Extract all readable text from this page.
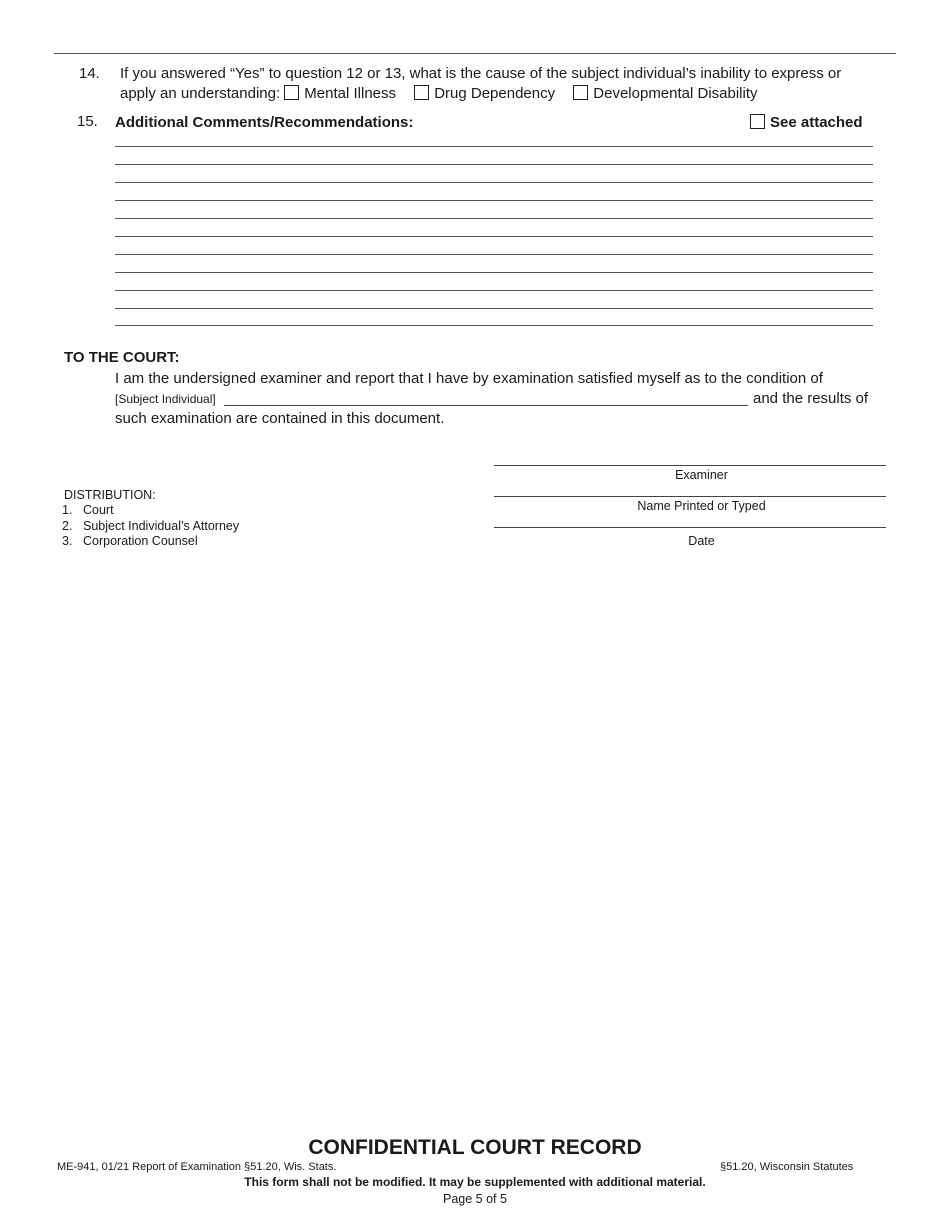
14. If you answered “Yes” to question 12 or 13, what is the cause of the subject individual’s inability to express or apply an understanding: Mental Illness	Drug Dependency	Developmental Disability
15. Additional Comments/Recommendations:	See attached
TO THE COURT:
I am the undersigned examiner and report that I have by examination satisfied myself as to the condition of
[Subject Individual]	and the results of
such examination are contained in this document.
Examiner
Name Printed or Typed
Date
DISTRIBUTION:
1. Court
2. Subject Individual’s Attorney
3. Corporation Counsel
CONFIDENTIAL COURT RECORD
ME-941, 01/21 Report of Examination §51.20, Wis. Stats.	§51.20, Wisconsin Statutes
This form shall not be modified. It may be supplemented with additional material.
Page 5 of 5
